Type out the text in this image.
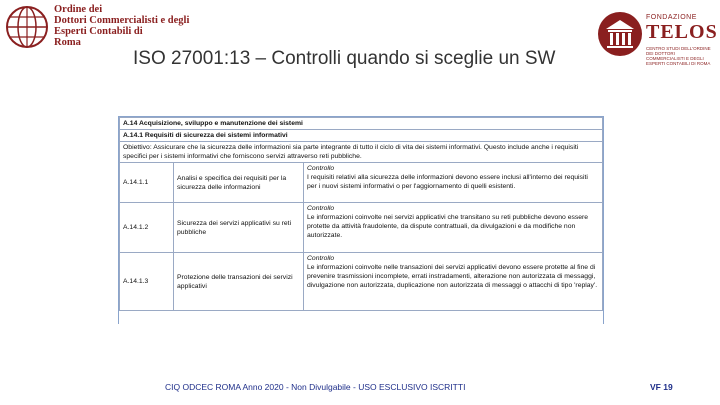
Ordine dei
Dottori Commercialisti e degli
Esperti Contabili di
Roma
ISO 27001:13 – Controlli quando si sceglie un SW
FONDAZIONE
TELOS
CENTRO STUDI DELL'ORDINE DEI DOTTORI COMMERCIALISTI E DEGLI ESPERTI CONTABILI DI ROMA
A.14 Acquisizione, sviluppo e manutenzione dei sistemi		
A.14.1 Requisiti di sicurezza dei sistemi informativi		
Obiettivo: Assicurare che la sicurezza delle informazioni sia parte integrante di tutto il ciclo di vita dei sistemi informativi. Questo include anche i requisiti specifici per i sistemi informativi che forniscono servizi attraverso reti pubbliche.		
A.14.1.1	Analisi e specifica dei requisiti per la sicurezza delle informazioni	Controllo
I requisiti relativi alla sicurezza delle informazioni devono essere inclusi all'interno dei requisiti per i nuovi sistemi informativi o per l'aggiornamento di quelli esistenti.

A.14.1.2	Sicurezza dei servizi applicativi su reti pubbliche	Controllo
Le informazioni coinvolte nei servizi applicativi che transitano su reti pubbliche devono essere protette da attività fraudolente, da dispute contrattuali, da divulgazioni e da modifiche non autorizzate.

A.14.1.3	Protezione delle transazioni dei servizi applicativi	Controllo
Le informazioni coinvolte nelle transazioni dei servizi applicativi devono essere protette al fine di prevenire trasmissioni incomplete, errati instradamenti, alterazione non autorizzata di messaggi, divulgazione non autorizzata, duplicazione non autorizzata di messaggi o attacchi di tipo 'replay'.
CIQ ODCEC ROMA Anno 2020 - Non Divulgabile - USO ESCLUSIVO ISCRITTI	VF 19
